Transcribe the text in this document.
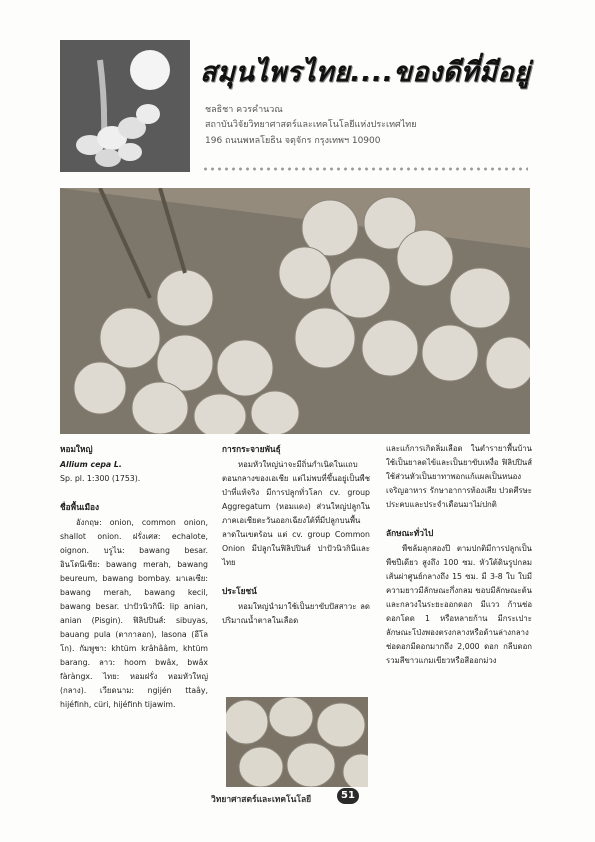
สมุนไพรไทย....ของดีที่มีอยู่
ชลธิชา ควรคำนวณ
สถาบันวิจัยวิทยาศาสตร์และเทคโนโลยีแห่งประเทศไทย
196 ถนนพหลโยธิน จตุจักร กรุงเทพฯ 10900

หอมใหญ่

Allium cepa L.

Sp. pl. 1:300 (1753).

ชื่อพื้นเมือง

อังกฤษ: onion, common onion, shallot onion. ฝรั่งเศส: echalote, oignon. บรูไน: bawang besar. อินโดนีเซีย: bawang merah, bawang beureum, bawang bombay. มาเลเซีย: bawang merah, bawang kecil, bawang besar. ปาปัวนิวกินี: lip anian, anian (Pisgin). ฟิลิปปินส์: sibuyas, bauang pula (ตากาลอก), lasona (อีโลโก). กัมพูชา: khtüm krâhââm, khtüm barang. ลาว: hoom bwâx, bwâx fàràngx. ไทย: หอมฝรั่ง หอมหัวใหญ่ (กลาง). เวียดนาม: ngijén ttaây, hijéfinh, cüri, hijéfinh tijawim.

การกระจายพันธุ์

หอมหัวใหญ่น่าจะมีถิ่นกำเนิดในแถบตอนกลางของเอเชีย แต่ไม่พบที่ขึ้นอยู่เป็นพืชป่าที่แท้จริง มีการปลูกทั่วโลก cv. group Aggregatum (หอมแดง) ส่วนใหญ่ปลูกในภาคเอเชียตะวันออกเฉียงใต้ที่มีปลูกบนพื้นลาดในเขตร้อน แต่ cv. group Common Onion มีปลูกในฟิลิปปินส์ ปาปัวนิวกินีและไทย

ประโยชน์

หอมใหญ่นำมาใช้เป็นยาขับปัสสาวะ ลดปริมาณน้ำตาลในเลือด

และแก้การเกิดลิ่มเลือด ในตำรายาพื้นบ้านใช้เป็นยาลดไข้และเป็นยาขับเหงื่อ ฟิลิปปินส์ใช้ส่วนหัวเป็นยาทาพอกแก้แผลเป็นหนอง เจริญอาหาร รักษาอาการท้องเสีย ปวดศีรษะ ประคบและประจำเดือนมาไม่ปกติ

ลักษณะทั่วไป

พืชล้มลุกสองปี ตามปกติมีการปลูกเป็นพืชปีเดียว สูงถึง 100 ซม. หัวใต้ดินรูปกลมเส้นผ่าศูนย์กลางถึง 15 ซม. มี 3-8 ใบ ใบมีความยาวมีลักษณะกึ่งกลม ขอบมีลักษณะต้นและกลวงในระยะออกดอก มีแวว ก้านช่อดอกโดด 1 หรือหลายก้าน มีกระเปาะลักษณะโป่งพองตรงกลางหรือด้านล่างกลาง ช่อดอกมีดอกมากถึง 2,000 ดอก กลีบดอกรวมสีขาวแกมเขียวหรือสีออกม่วง

วิทยาศาสตร์และเทคโนโลยี	51
